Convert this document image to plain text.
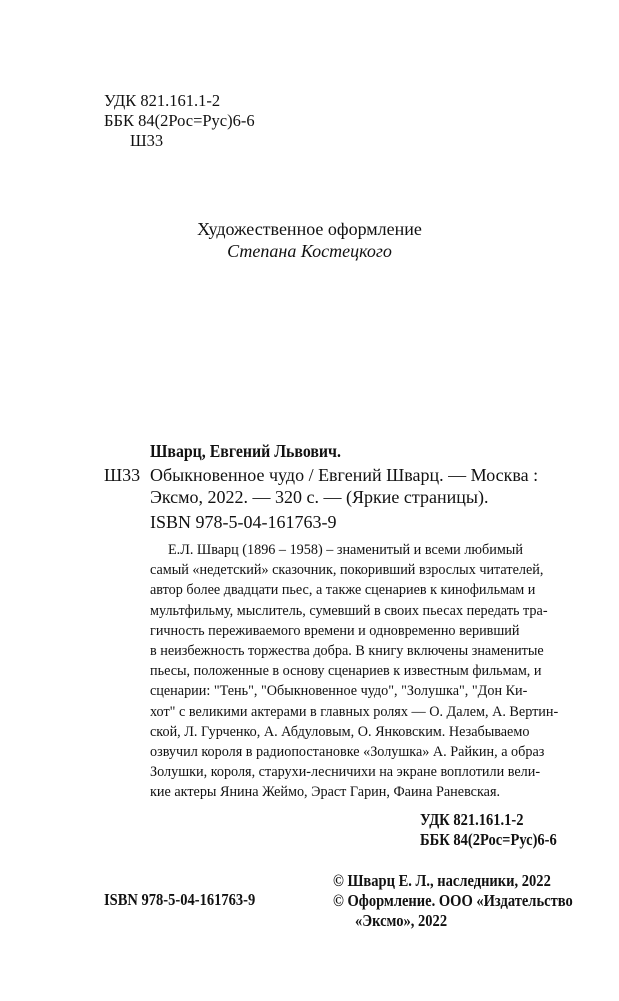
УДК 821.161.1-2
ББК 84(2Рос=Рус)6-6
Ш33
Художественное оформление
Степана Костецкого
Шварц, Евгений Львович.
Ш33 Обыкновенное чудо / Евгений Шварц. — Москва :
Эксмо, 2022. — 320 с. — (Яркие страницы).
ISBN 978-5-04-161763-9
Е.Л. Шварц (1896 – 1958) – знаменитый и всеми любимый
самый «недетский» сказочник, покоривший взрослых читателей,
автор более двадцати пьес, а также сценариев к кинофильмам и
мультфильму, мыслитель, сумевший в своих пьесах передать тра-
гичность переживаемого времени и одновременно веривший
в неизбежность торжества добра. В книгу включены знаменитые
пьесы, положенные в основу сценариев к известным фильмам, и
сценарии: "Тень", "Обыкновенное чудо", "Золушка", "Дон Ки-
хот" с великими актерами в главных ролях — О. Далем, А. Вертин-
ской, Л. Гурченко, А. Абдуловым, О. Янковским. Незабываемо
озвучил короля в радиопостановке «Золушка» А. Райкин, а образ
Золушки, короля, старухи-лесничихи на экране воплотили вели-
кие актеры Янина Жеймо, Эраст Гарин, Фаина Раневская.
УДК 821.161.1-2
ББК 84(2Рос=Рус)6-6
© Шварц Е. Л., наследники, 2022
© Оформление. ООО «Издательство
«Эксмо», 2022
ISBN 978-5-04-161763-9
